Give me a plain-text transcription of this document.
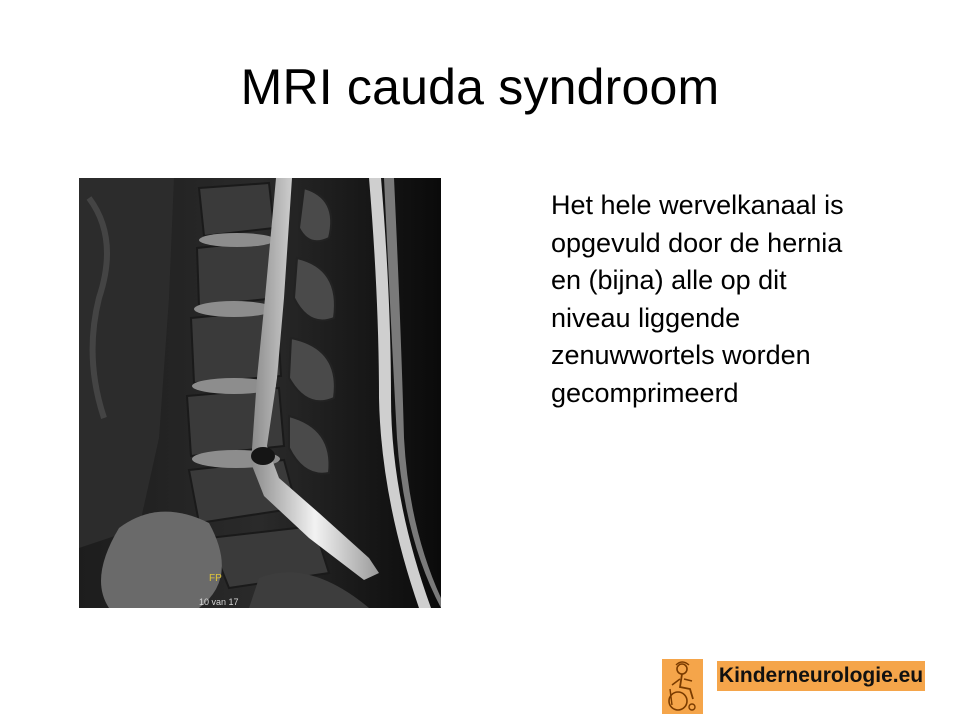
MRI cauda syndroom
FP
10 van 17
Het hele wervelkanaal is
opgevuld door de hernia
en (bijna) alle op dit
niveau liggende
zenuwwortels worden
gecomprimeerd
Kinderneurologie.eu
